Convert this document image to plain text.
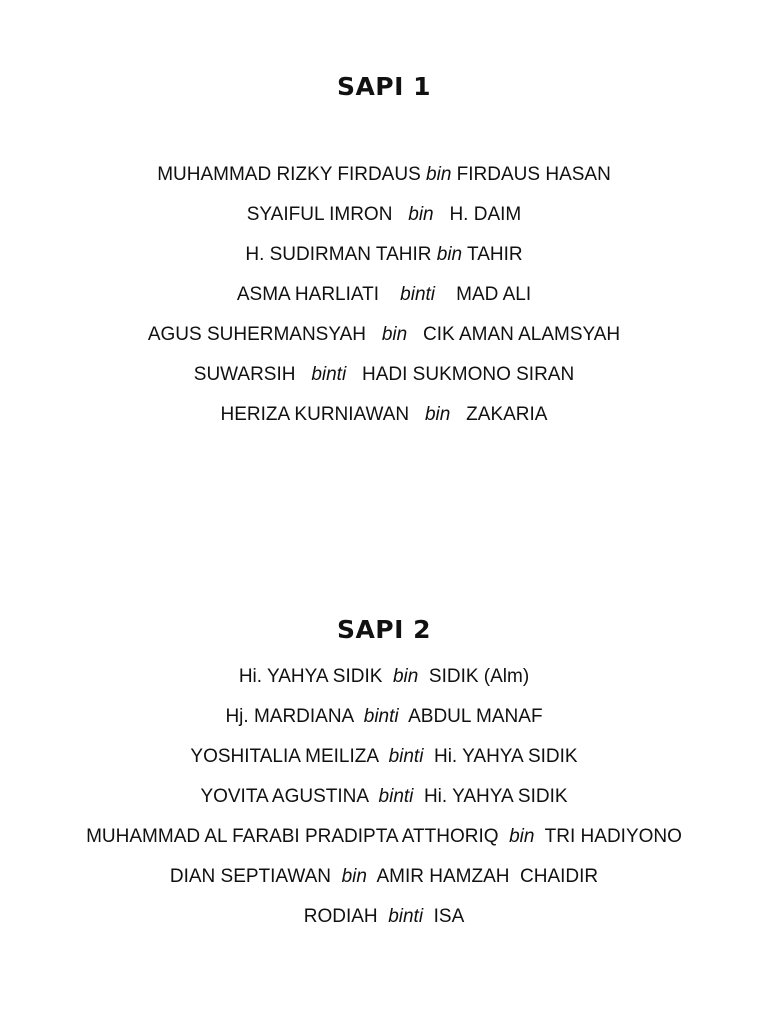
SAPI 1
MUHAMMAD RIZKY FIRDAUS bin FIRDAUS HASAN
SYAIFUL IMRON   bin   H. DAIM
H. SUDIRMAN TAHIR bin TAHIR
ASMA HARLIATI    binti    MAD ALI
AGUS SUHERMANSYAH   bin   CIK AMAN ALAMSYAH
SUWARSIH   binti   HADI SUKMONO SIRAN
HERIZA KURNIAWAN   bin   ZAKARIA
SAPI 2
Hi. YAHYA SIDIK  bin  SIDIK (Alm)
Hj. MARDIANA  binti  ABDUL MANAF
YOSHITALIA MEILIZA  binti  Hi. YAHYA SIDIK
YOVITA AGUSTINA  binti  Hi. YAHYA SIDIK
MUHAMMAD AL FARABI PRADIPTA ATTHORIQ  bin  TRI HADIYONO
DIAN SEPTIAWAN  bin  AMIR HAMZAH  CHAIDIR
RODIAH  binti  ISA
